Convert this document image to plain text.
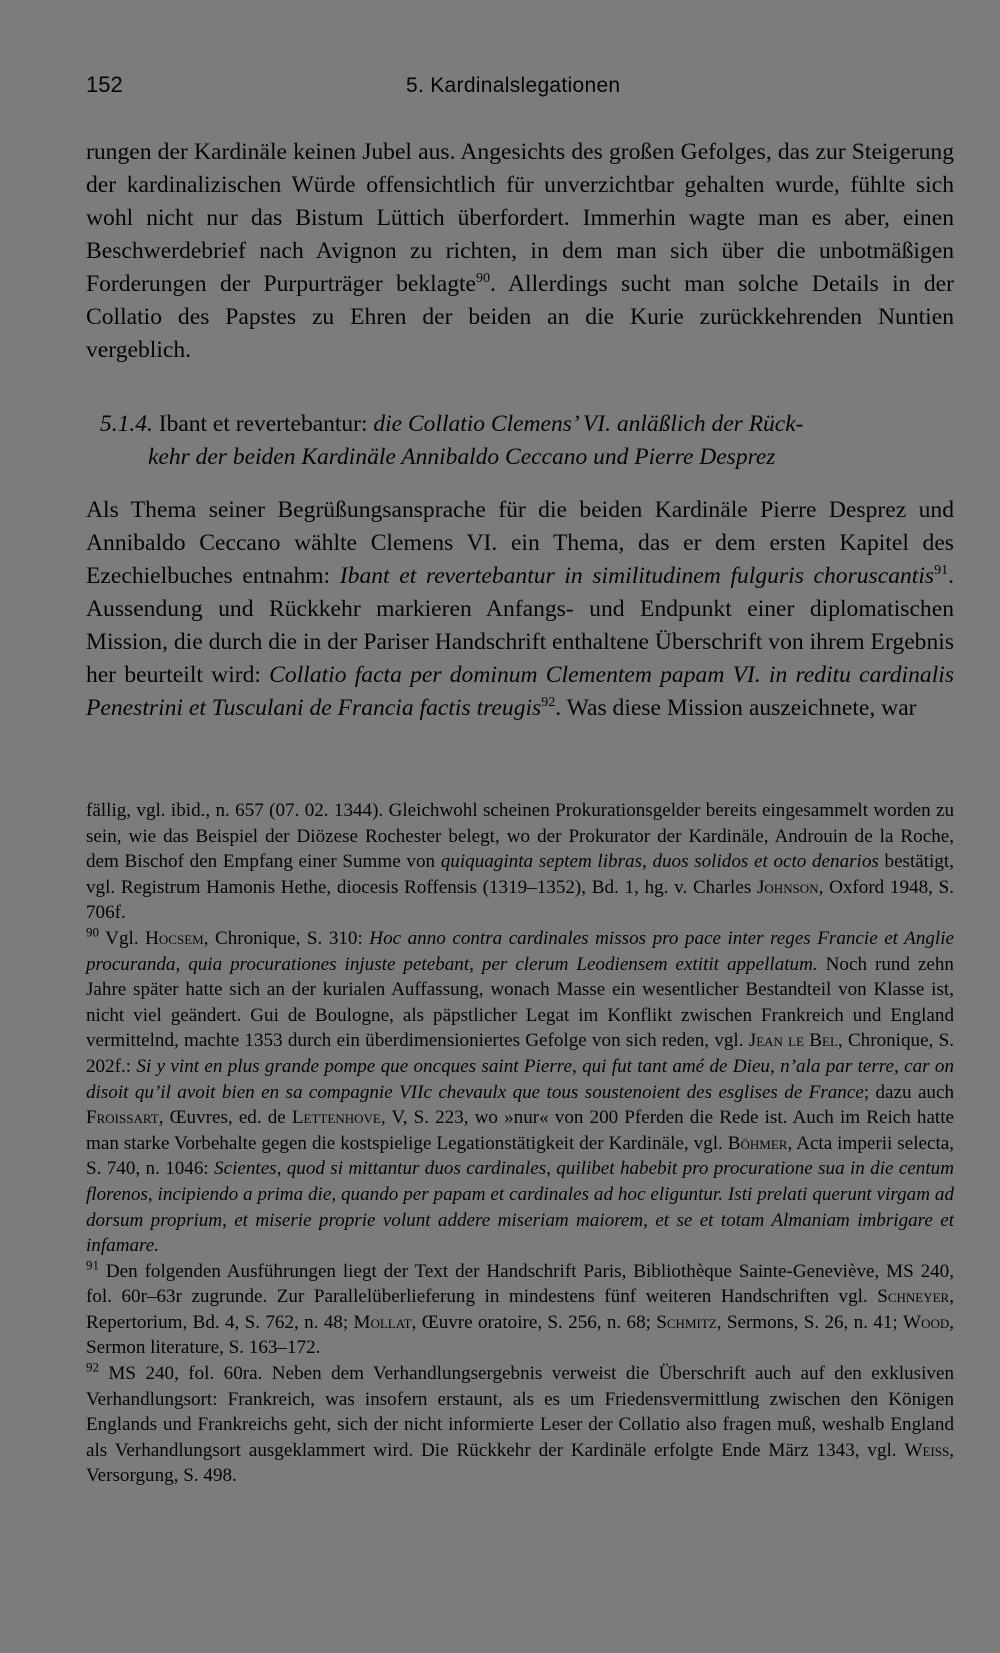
152	5. Kardinalslegationen
rungen der Kardinäle keinen Jubel aus. Angesichts des großen Gefolges, das zur Steigerung der kardinalizischen Würde offensichtlich für unverzichtbar gehalten wurde, fühlte sich wohl nicht nur das Bistum Lüttich überfordert. Immerhin wagte man es aber, einen Beschwerdebrief nach Avignon zu richten, in dem man sich über die unbotmäßigen Forderungen der Purpurträger beklagte$^{90}$. Allerdings sucht man solche Details in der Collatio des Papstes zu Ehren der beiden an die Kurie zurückkehrenden Nuntien vergeblich.
5.1.4. Ibant et revertebantur: die Collatio Clemens’ VI. anläßlich der Rück-
kehr der beiden Kardinäle Annibaldo Ceccano und Pierre Desprez
Als Thema seiner Begrüßungsansprache für die beiden Kardinäle Pierre Desprez und Annibaldo Ceccano wählte Clemens VI. ein Thema, das er dem ersten Kapitel des Ezechielbuches entnahm: Ibant et revertebantur in similitudinem fulguris choruscantis$^{91}$. Aussendung und Rückkehr markieren Anfangs- und Endpunkt einer diplomatischen Mission, die durch die in der Pariser Handschrift enthaltene Überschrift von ihrem Ergebnis her beurteilt wird: Collatio facta per dominum Clementem papam VI. in reditu cardinalis Penestrini et Tusculani de Francia factis treugis$^{92}$. Was diese Mission auszeichnete, war
fällig, vgl. ibid., n. 657 (07. 02. 1344). Gleichwohl scheinen Prokurationsgelder bereits eingesammelt worden zu sein, wie das Beispiel der Diözese Rochester belegt, wo der Prokurator der Kardinäle, Androuin de la Roche, dem Bischof den Empfang einer Summe von quiquaginta septem libras, duos solidos et octo denarios bestätigt, vgl. Registrum Hamonis Hethe, diocesis Roffensis (1319–1352), Bd. 1, hg. v. Charles Johnson, Oxford 1948, S. 706f.
$^{90}$ Vgl. Hocsem, Chronique, S. 310: Hoc anno contra cardinales missos pro pace inter reges Francie et Anglie procuranda, quia procurationes injuste petebant, per clerum Leodiensem extitit appellatum. Noch rund zehn Jahre später hatte sich an der kurialen Auffassung, wonach Masse ein wesentlicher Bestandteil von Klasse ist, nicht viel geändert. Gui de Boulogne, als päpstlicher Legat im Konflikt zwischen Frankreich und England vermittelnd, machte 1353 durch ein überdimensioniertes Gefolge von sich reden, vgl. Jean le Bel, Chronique, S. 202f.: Si y vint en plus grande pompe que oncques saint Pierre, qui fut tant amé de Dieu, n’ala par terre, car on disoit qu’il avoit bien en sa compagnie VIIc chevaulx que tous soustenoient des esglises de France; dazu auch Froissart, Œuvres, ed. de Lettenhove, V, S. 223, wo »nur« von 200 Pferden die Rede ist. Auch im Reich hatte man starke Vorbehalte gegen die kostspielige Legationstätigkeit der Kardinäle, vgl. Böhmer, Acta imperii selecta, S. 740, n. 1046: Scientes, quod si mittantur duos cardinales, quilibet habebit pro procuratione sua in die centum florenos, incipiendo a prima die, quando per papam et cardinales ad hoc eliguntur. Isti prelati querunt virgam ad dorsum proprium, et miserie proprie volunt addere miseriam maiorem, et se et totam Almaniam imbrigare et infamare.
$^{91}$ Den folgenden Ausführungen liegt der Text der Handschrift Paris, Bibliothèque Sainte-Geneviève, MS 240, fol. 60r–63r zugrunde. Zur Parallelüberlieferung in mindestens fünf weiteren Handschriften vgl. Schneyer, Repertorium, Bd. 4, S. 762, n. 48; Mollat, Œuvre oratoire, S. 256, n. 68; Schmitz, Sermons, S. 26, n. 41; Wood, Sermon literature, S. 163–172.
$^{92}$ MS 240, fol. 60ra. Neben dem Verhandlungsergebnis verweist die Überschrift auch auf den exklusiven Verhandlungsort: Frankreich, was insofern erstaunt, als es um Friedensvermittlung zwischen den Königen Englands und Frankreichs geht, sich der nicht informierte Leser der Collatio also fragen muß, weshalb England als Verhandlungsort ausgeklammert wird. Die Rückkehr der Kardinäle erfolgte Ende März 1343, vgl. Weiss, Versorgung, S. 498.
